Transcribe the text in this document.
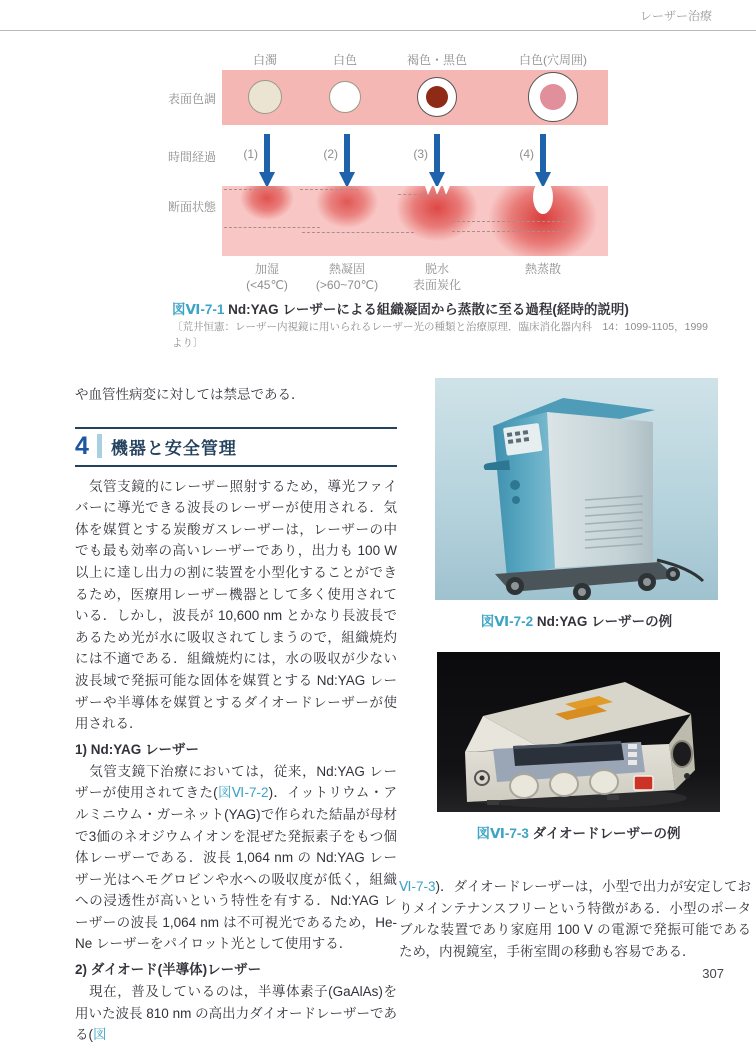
レーザー治療
白濁	白色	褐色・黒色	白色(穴周囲)
表面色調
時間経過 (1)	(2)	(3)	(4)
断面状態
加湿
(<45℃)
熱凝固
(>60~70℃)
脱水
表面炭化
熱蒸散
図Ⅵ-7-1 Nd:YAG レーザーによる組織凝固から蒸散に至る過程(経時的説明)
〔荒井恒憲：レーザー内視鏡に用いられるレーザー光の種類と治療原理．臨床消化器内科　14：1099-1105，1999 より〕

や血管性病変に対しては禁忌である．

4 機器と安全管理

　気管支鏡的にレーザー照射するため，導光ファイバーに導光できる波長のレーザーが使用される．気体を媒質とする炭酸ガスレーザーは，レーザーの中でも最も効率の高いレーザーであり，出力も 100 W 以上に達し出力の割に装置を小型化することができるため，医療用レーザー機器として多く使用されている．しかし，波長が 10,600 nm とかなり長波長であるため光が水に吸収されてしまうので，組織焼灼には不適である．組織焼灼には，水の吸収が少ない波長域で発振可能な固体を媒質とする Nd:YAG レーザーや半導体を媒質とするダイオードレーザーが使用される．

1) Nd:YAG レーザー

　気管支鏡下治療においては，従来，Nd:YAG レーザーが使用されてきた(図Ⅵ-7-2)．イットリウム・アルミニウム・ガーネット(YAG)で作られた結晶が母材で3価のネオジウムイオンを混ぜた発振素子をもつ個体レーザーである．波長 1,064 nm の Nd:YAG レーザー光はヘモグロビンや水への吸収度が低く，組織への浸透性が高いという特性を有する．Nd:YAG レーザーの波長 1,064 nm は不可視光であるため，He-Ne レーザーをパイロット光として使用する．

2) ダイオード(半導体)レーザー

　現在，普及しているのは，半導体素子(GaAlAs)を用いた波長 810 nm の高出力ダイオードレーザーである(図

図Ⅵ-7-2 Nd:YAG レーザーの例
図Ⅵ-7-3 ダイオードレーザーの例

Ⅵ-7-3)．ダイオードレーザーは，小型で出力が安定しておりメインテナンスフリーという特徴がある．小型のポータブルな装置であり家庭用 100 V の電源で発振可能であるため，内視鏡室，手術室間の移動も容易である．

307
